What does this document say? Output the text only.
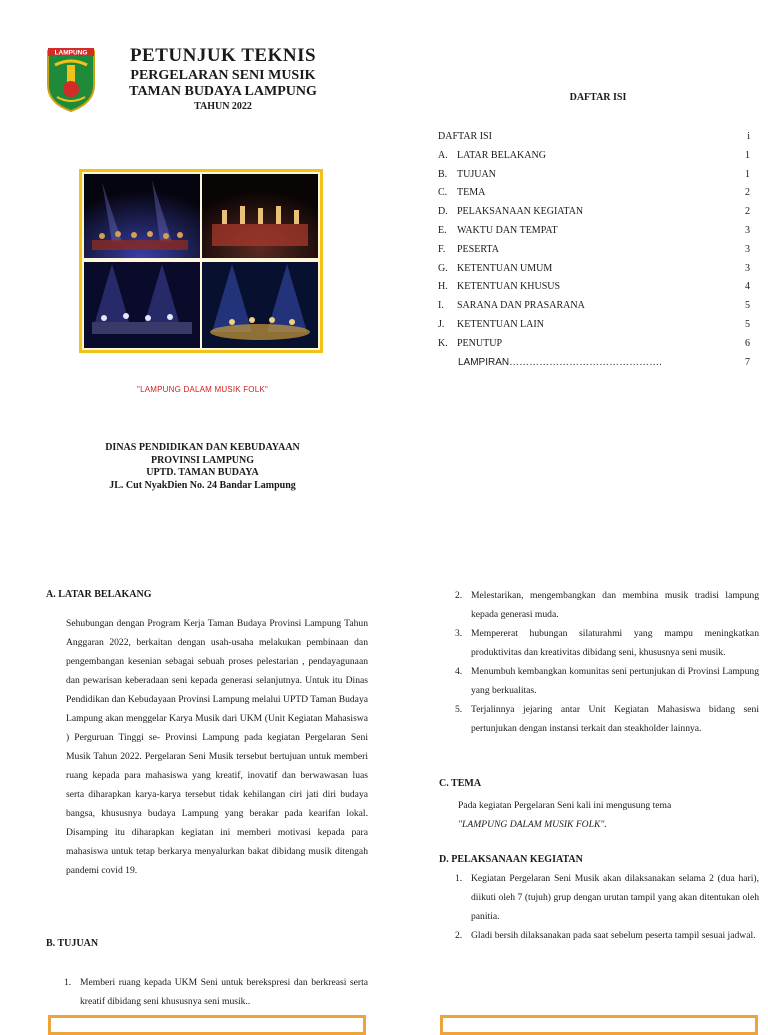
LAMPUNG	PETUNJUK TEKNIS
PERGELARAN SENI MUSIK
TAMAN BUDAYA LAMPUNG
TAHUN 2022
"LAMPUNG DALAM MUSIK FOLK"
DINAS PENDIDIKAN DAN KEBUDAYAAN
PROVINSI LAMPUNG
UPTD. TAMAN BUDAYA
JL. Cut NyakDien No. 24 Bandar Lampung
DAFTAR ISI
DAFTAR ISI	i
A. LATAR BELAKANG	1
B. TUJUAN	1
C. TEMA	2
D. PELAKSANAAN KEGIATAN	2
E. WAKTU DAN TEMPAT	3
F. PESERTA	3
G. KETENTUAN UMUM	3
H. KETENTUAN KHUSUS	4
I. SARANA DAN PRASARANA	5
J. KETENTUAN LAIN	5
K. PENUTUP	6
LAMPIRAN……………………………………….	7
A. LATAR BELAKANG
Sehubungan dengan Program Kerja Taman Budaya Provinsi Lampung Tahun Anggaran 2022, berkaitan dengan usah-usaha melakukan pembinaan dan pengembangan kesenian sebagai sebuah proses pelestarian , pendayagunaan dan pewarisan keberadaan seni kepada generasi selanjutnya. Untuk itu Dinas Pendidikan dan Kebudayaan Provinsi Lampung melalui UPTD Taman Budaya Lampung akan menggelar Karya Musik dari UKM (Unit Kegiatan Mahasiswa ) Perguruan Tinggi se- Provinsi Lampung pada kegiatan Pergelaran Seni Musik Tahun 2022. Pergelaran Seni Musik tersebut bertujuan untuk memberi ruang kepada para mahasiswa yang kreatif, inovatif dan berwawasan luas serta diharapkan karya-karya tersebut tidak kehilangan ciri jati diri budaya bangsa, khususnya budaya Lampung yang berakar pada kearifan lokal. Disamping itu diharapkan kegiatan ini memberi motivasi kepada para mahasiswa untuk tetap berkarya menyalurkan bakat dibidang musik ditengah pandemi covid 19.
B. TUJUAN
1. Memberi ruang kepada UKM Seni untuk berekspresi dan berkreasi serta kreatif dibidang seni khususnya seni musik..
2. Melestarikan, mengembangkan dan membina musik tradisi lampung kepada generasi muda.
3. Mempererat hubungan silaturahmi yang mampu meningkatkan produktivitas dan kreativitas dibidang seni, khususnya seni musik.
4. Menumbuh kembangkan komunitas seni pertunjukan di Provinsi Lampung yang berkualitas.
5. Terjalinnya jejaring antar Unit Kegiatan Mahasiswa bidang seni pertunjukan dengan instansi terkait dan steakholder lainnya.
C. TEMA
Pada kegiatan Pergelaran Seni kali ini mengusung tema
"LAMPUNG DALAM MUSIK FOLK".
D. PELAKSANAAN KEGIATAN
1. Kegiatan Pergelaran Seni Musik akan dilaksanakan selama 2 (dua hari), diikuti oleh 7 (tujuh) grup dengan urutan tampil yang akan ditentukan oleh panitia.
2. Gladi bersih dilaksanakan pada saat sebelum peserta tampil sesuai jadwal.
